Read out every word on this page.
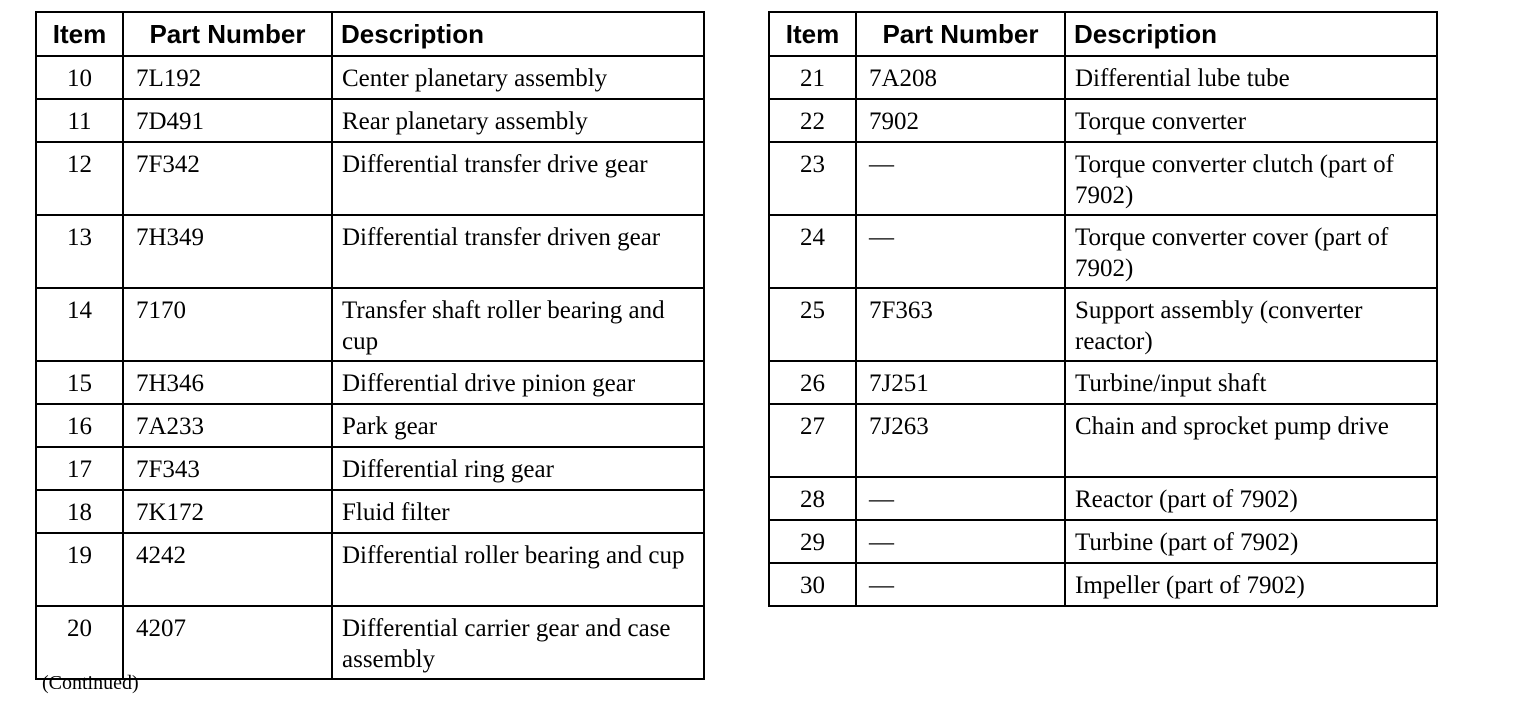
Item	Part Number	Description
10	7L192	Center planetary assembly
11	7D491	Rear planetary assembly
12	7F342	Differential transfer drive gear
13	7H349	Differential transfer driven gear
14	7170	Transfer shaft roller bearing and cup
15	7H346	Differential drive pinion gear
16	7A233	Park gear
17	7F343	Differential ring gear
18	7K172	Fluid filter
19	4242	Differential roller bearing and cup
20	4207	Differential carrier gear and case assembly
Item	Part Number	Description
21	7A208	Differential lube tube
22	7902	Torque converter
23	—	Torque converter clutch (part of 7902)
24	—	Torque converter cover (part of 7902)
25	7F363	Support assembly (converter reactor)
26	7J251	Turbine/input shaft
27	7J263	Chain and sprocket pump drive
28	—	Reactor (part of 7902)
29	—	Turbine (part of 7902)
30	—	Impeller (part of 7902)
(Continued)
